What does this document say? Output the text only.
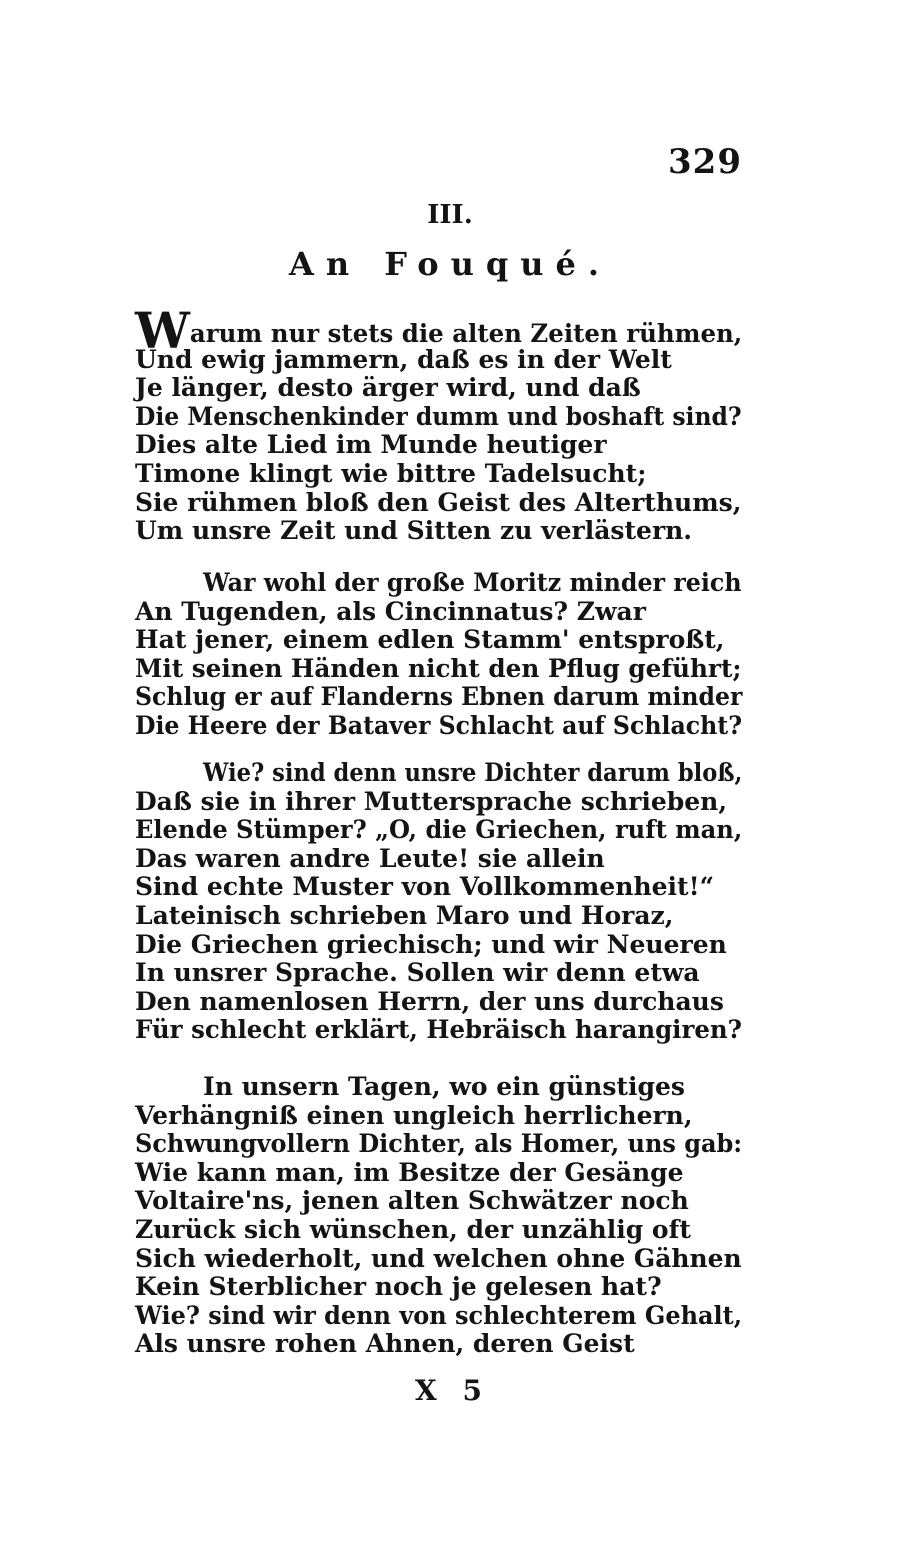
329
III.
An Fouqué.
Warum nur stets die alten Zeiten rühmen,
Und ewig jammern, daß es in der Welt
Je länger, desto ärger wird, und daß
Die Menschenkinder dumm und boshaft sind?
Dies alte Lied im Munde heutiger
Timone klingt wie bittre Tadelsucht;
Sie rühmen bloß den Geist des Alterthums,
Um unsre Zeit und Sitten zu verlästern.
War wohl der große Moritz minder reich
An Tugenden, als Cincinnatus? Zwar
Hat jener, einem edlen Stamm' entsproßt,
Mit seinen Händen nicht den Pflug geführt;
Schlug er auf Flanderns Ebnen darum minder
Die Heere der Bataver Schlacht auf Schlacht?
Wie? sind denn unsre Dichter darum bloß,
Daß sie in ihrer Muttersprache schrieben,
Elende Stümper? „O, die Griechen, ruft man,
Das waren andre Leute! sie allein
Sind echte Muster von Vollkommenheit!“
Lateinisch schrieben Maro und Horaz,
Die Griechen griechisch; und wir Neueren
In unsrer Sprache. Sollen wir denn etwa
Den namenlosen Herrn, der uns durchaus
Für schlecht erklärt, Hebräisch harangiren?
In unsern Tagen, wo ein günstiges
Verhängniß einen ungleich herrlichern,
Schwungvollern Dichter, als Homer, uns gab:
Wie kann man, im Besitze der Gesänge
Voltaire'ns, jenen alten Schwätzer noch
Zurück sich wünschen, der unzählig oft
Sich wiederholt, und welchen ohne Gähnen
Kein Sterblicher noch je gelesen hat?
Wie? sind wir denn von schlechterem Gehalt,
Als unsre rohen Ahnen, deren Geist
X 5
